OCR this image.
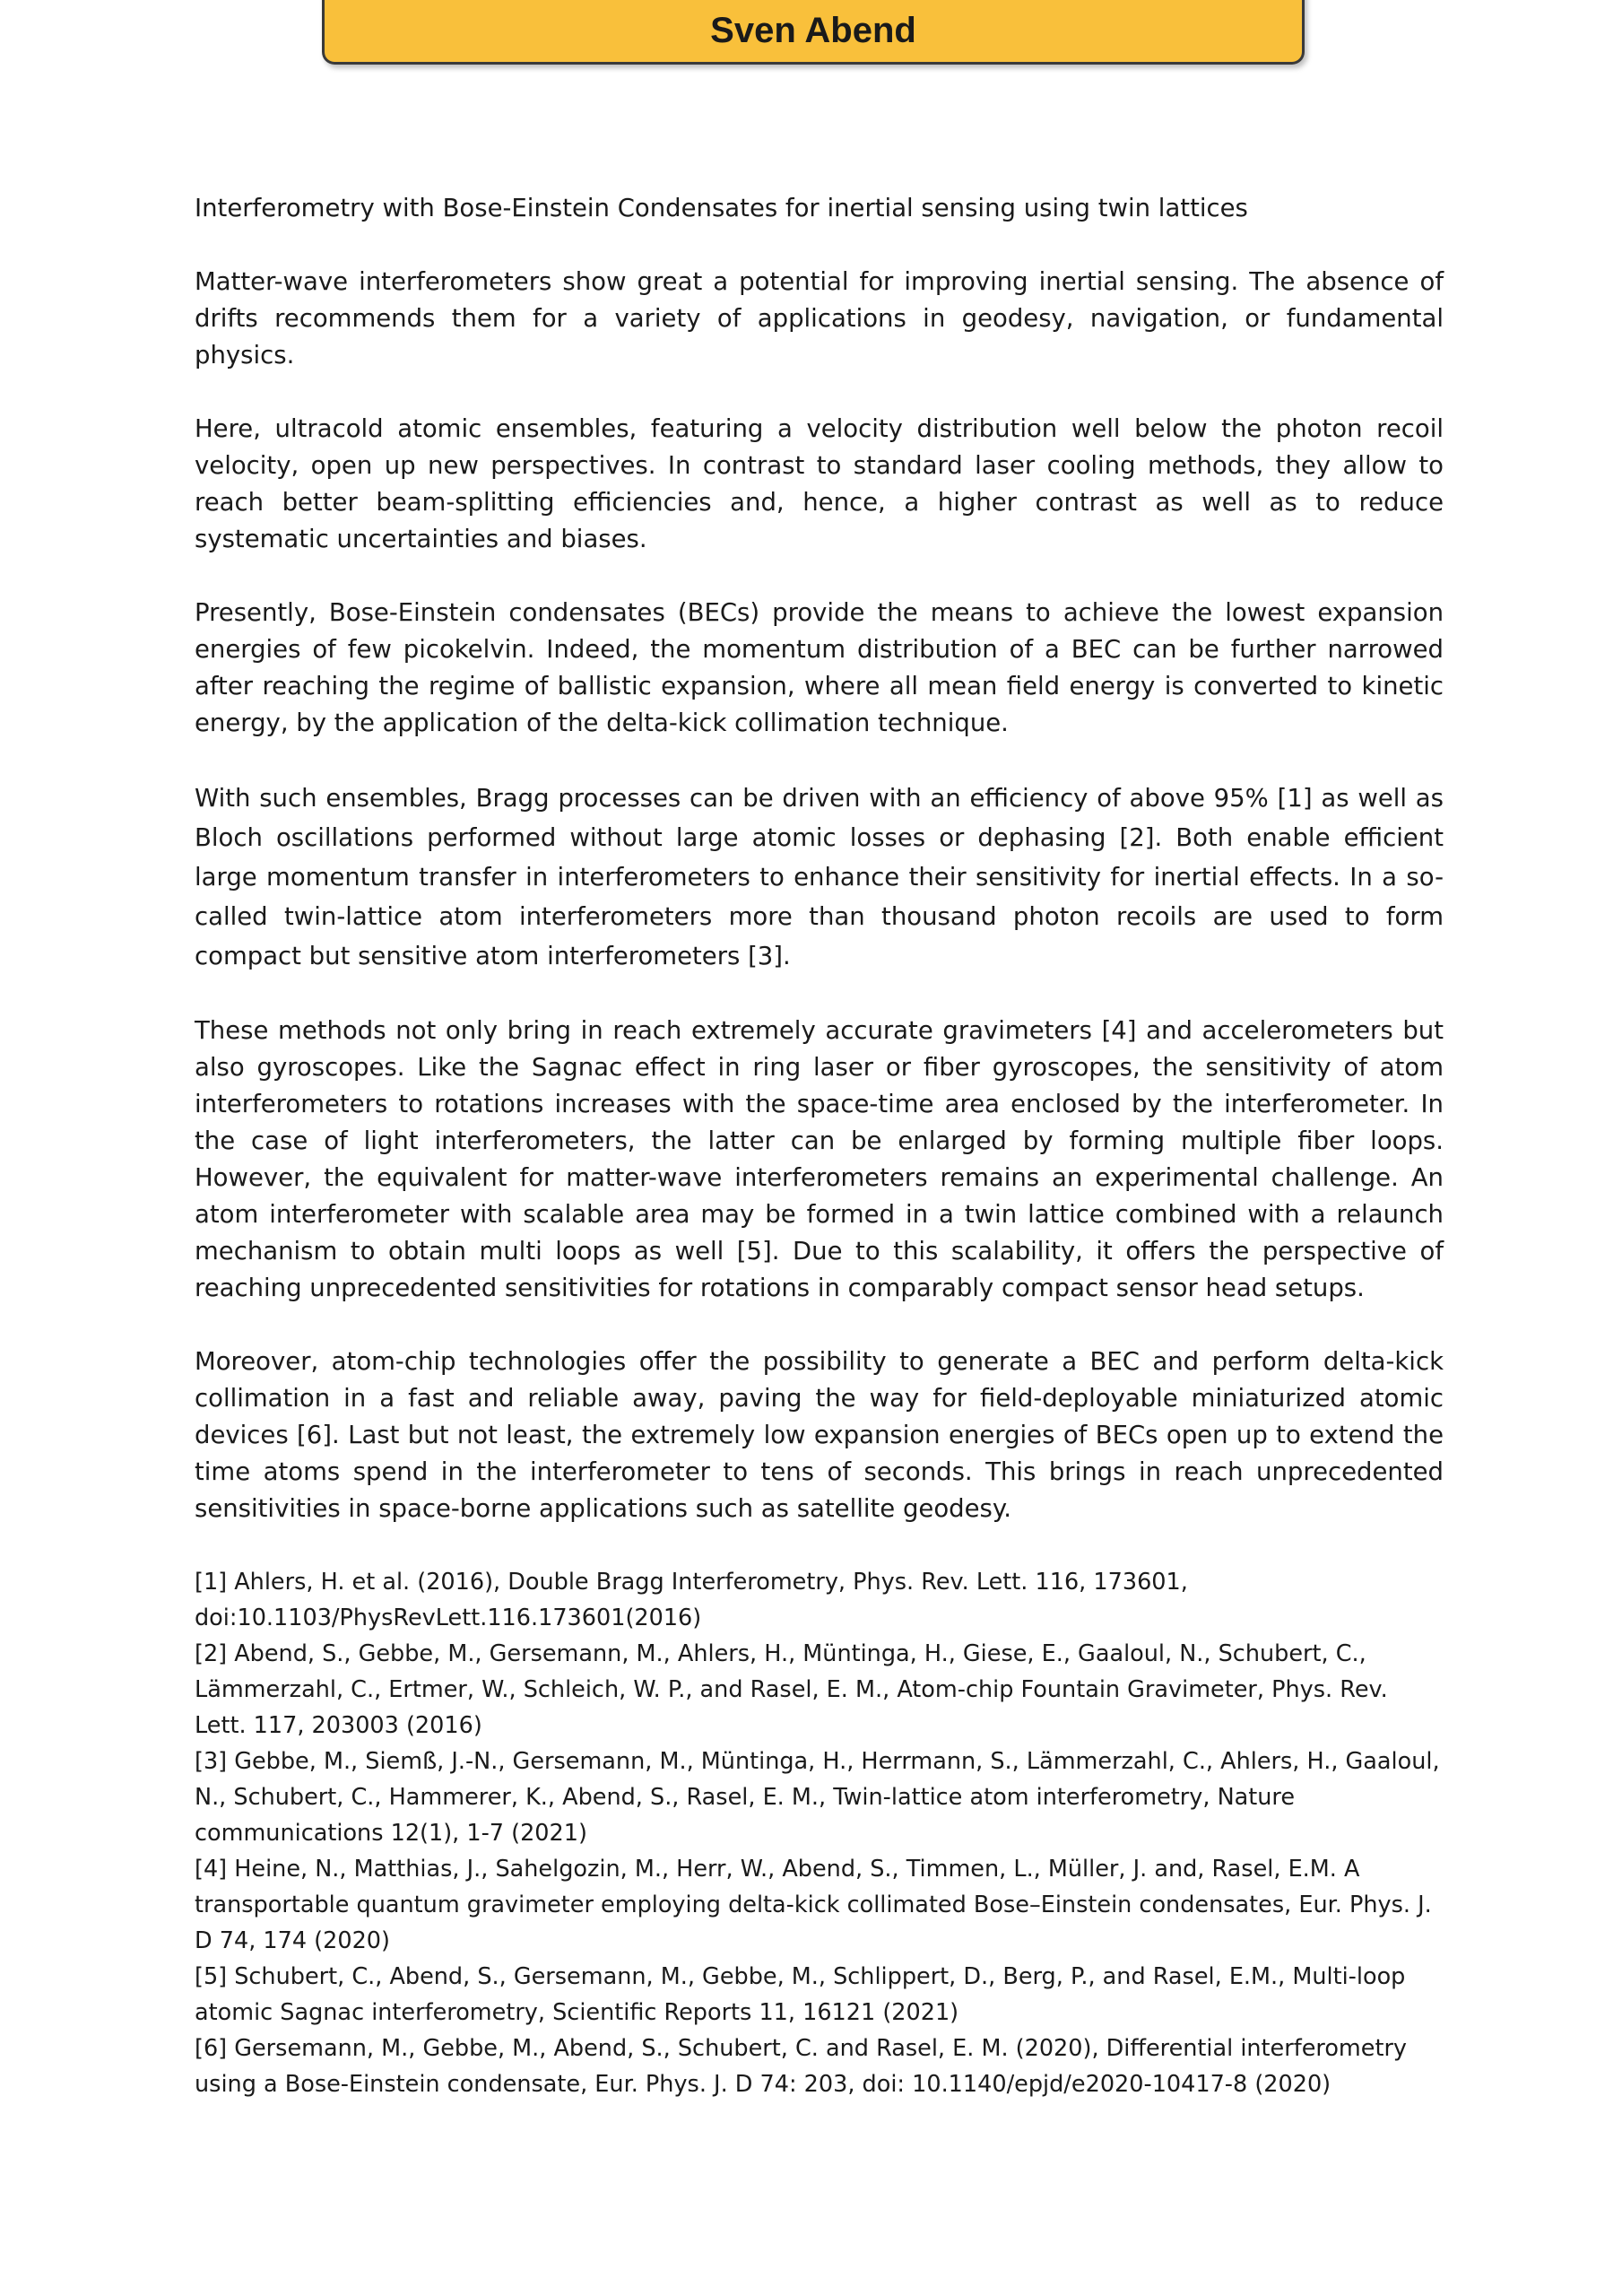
Sven Abend

Interferometry with Bose-Einstein Condensates for inertial sensing using twin lattices

Matter-wave interferometers show great a potential for improving inertial sensing. The absence of drifts recommends them for a variety of applications in geodesy, navigation, or fundamental physics.

Here, ultracold atomic ensembles, featuring a velocity distribution well below the photon recoil velocity, open up new perspectives. In contrast to standard laser cooling methods, they allow to reach better beam-splitting efficiencies and, hence, a higher contrast as well as to reduce systematic uncertainties and biases.

Presently, Bose-Einstein condensates (BECs) provide the means to achieve the lowest expansion energies of few picokelvin. Indeed, the momentum distribution of a BEC can be further narrowed after reaching the regime of ballistic expansion, where all mean field energy is converted to kinetic energy, by the application of the delta-kick collimation technique.

With such ensembles, Bragg processes can be driven with an efficiency of above 95% [1] as well as Bloch oscillations performed without large atomic losses or dephasing [2]. Both enable efficient large momentum transfer in interferometers to enhance their sensitivity for inertial effects. In a so-called twin-lattice atom interferometers more than thousand photon recoils are used to form compact but sensitive atom interferometers [3].

These methods not only bring in reach extremely accurate gravimeters [4] and accelerometers but also gyroscopes. Like the Sagnac effect in ring laser or fiber gyroscopes, the sensitivity of atom interferometers to rotations increases with the space-time area enclosed by the interferometer. In the case of light interferometers, the latter can be enlarged by forming multiple fiber loops. However, the equivalent for matter-wave interferometers remains an experimental challenge. An atom interferometer with scalable area may be formed in a twin lattice combined with a relaunch mechanism to obtain multi loops as well [5]. Due to this scalability, it offers the perspective of reaching unprecedented sensitivities for rotations in comparably compact sensor head setups.

Moreover, atom-chip technologies offer the possibility to generate a BEC and perform delta-kick collimation in a fast and reliable away, paving the way for field-deployable miniaturized atomic devices [6]. Last but not least, the extremely low expansion energies of BECs open up to extend the time atoms spend in the interferometer to tens of seconds. This brings in reach unprecedented sensitivities in space-borne applications such as satellite geodesy.

[1] Ahlers, H. et al. (2016), Double Bragg Interferometry, Phys. Rev. Lett. 116, 173601, doi:10.1103/PhysRevLett.116.173601(2016)

[2] Abend, S., Gebbe, M., Gersemann, M., Ahlers, H., Müntinga, H., Giese, E., Gaaloul, N., Schubert, C., Lämmerzahl, C., Ertmer, W., Schleich, W. P., and Rasel, E. M., Atom-chip Fountain Gravimeter, Phys. Rev. Lett. 117, 203003 (2016)

[3] Gebbe, M., Siemß, J.-N., Gersemann, M., Müntinga, H., Herrmann, S., Lämmerzahl, C., Ahlers, H., Gaaloul, N., Schubert, C., Hammerer, K., Abend, S., Rasel, E. M., Twin-lattice atom interferometry, Nature communications 12(1), 1-7 (2021)

[4] Heine, N., Matthias, J., Sahelgozin, M., Herr, W., Abend, S., Timmen, L., Müller, J. and, Rasel, E.M. A transportable quantum gravimeter employing delta-kick collimated Bose–Einstein condensates, Eur. Phys. J. D 74, 174 (2020)

[5] Schubert, C., Abend, S., Gersemann, M., Gebbe, M., Schlippert, D., Berg, P., and Rasel, E.M., Multi-loop atomic Sagnac interferometry, Scientific Reports 11, 16121 (2021)

[6] Gersemann, M., Gebbe, M., Abend, S., Schubert, C. and Rasel, E. M. (2020), Differential interferometry using a Bose-Einstein condensate, Eur. Phys. J. D 74: 203, doi: 10.1140/epjd/e2020-10417-8 (2020)
